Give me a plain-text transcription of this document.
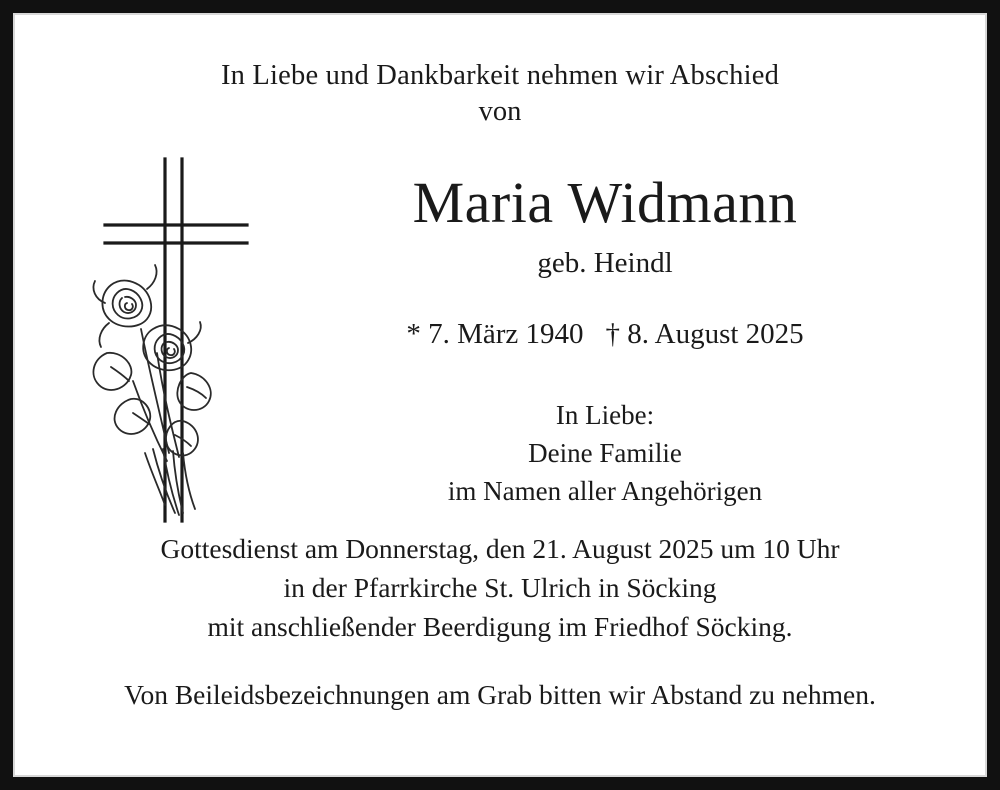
In Liebe und Dankbarkeit nehmen wir Abschied
von
Maria Widmann
geb. Heindl
* 7. März 1940 † 8. August 2025
In Liebe:
Deine Familie
im Namen aller Angehörigen
Gottesdienst am Donnerstag, den 21. August 2025 um 10 Uhr
in der Pfarrkirche St. Ulrich in Söcking
mit anschließender Beerdigung im Friedhof Söcking.
Von Beileidsbezeichnungen am Grab bitten wir Abstand zu nehmen.
